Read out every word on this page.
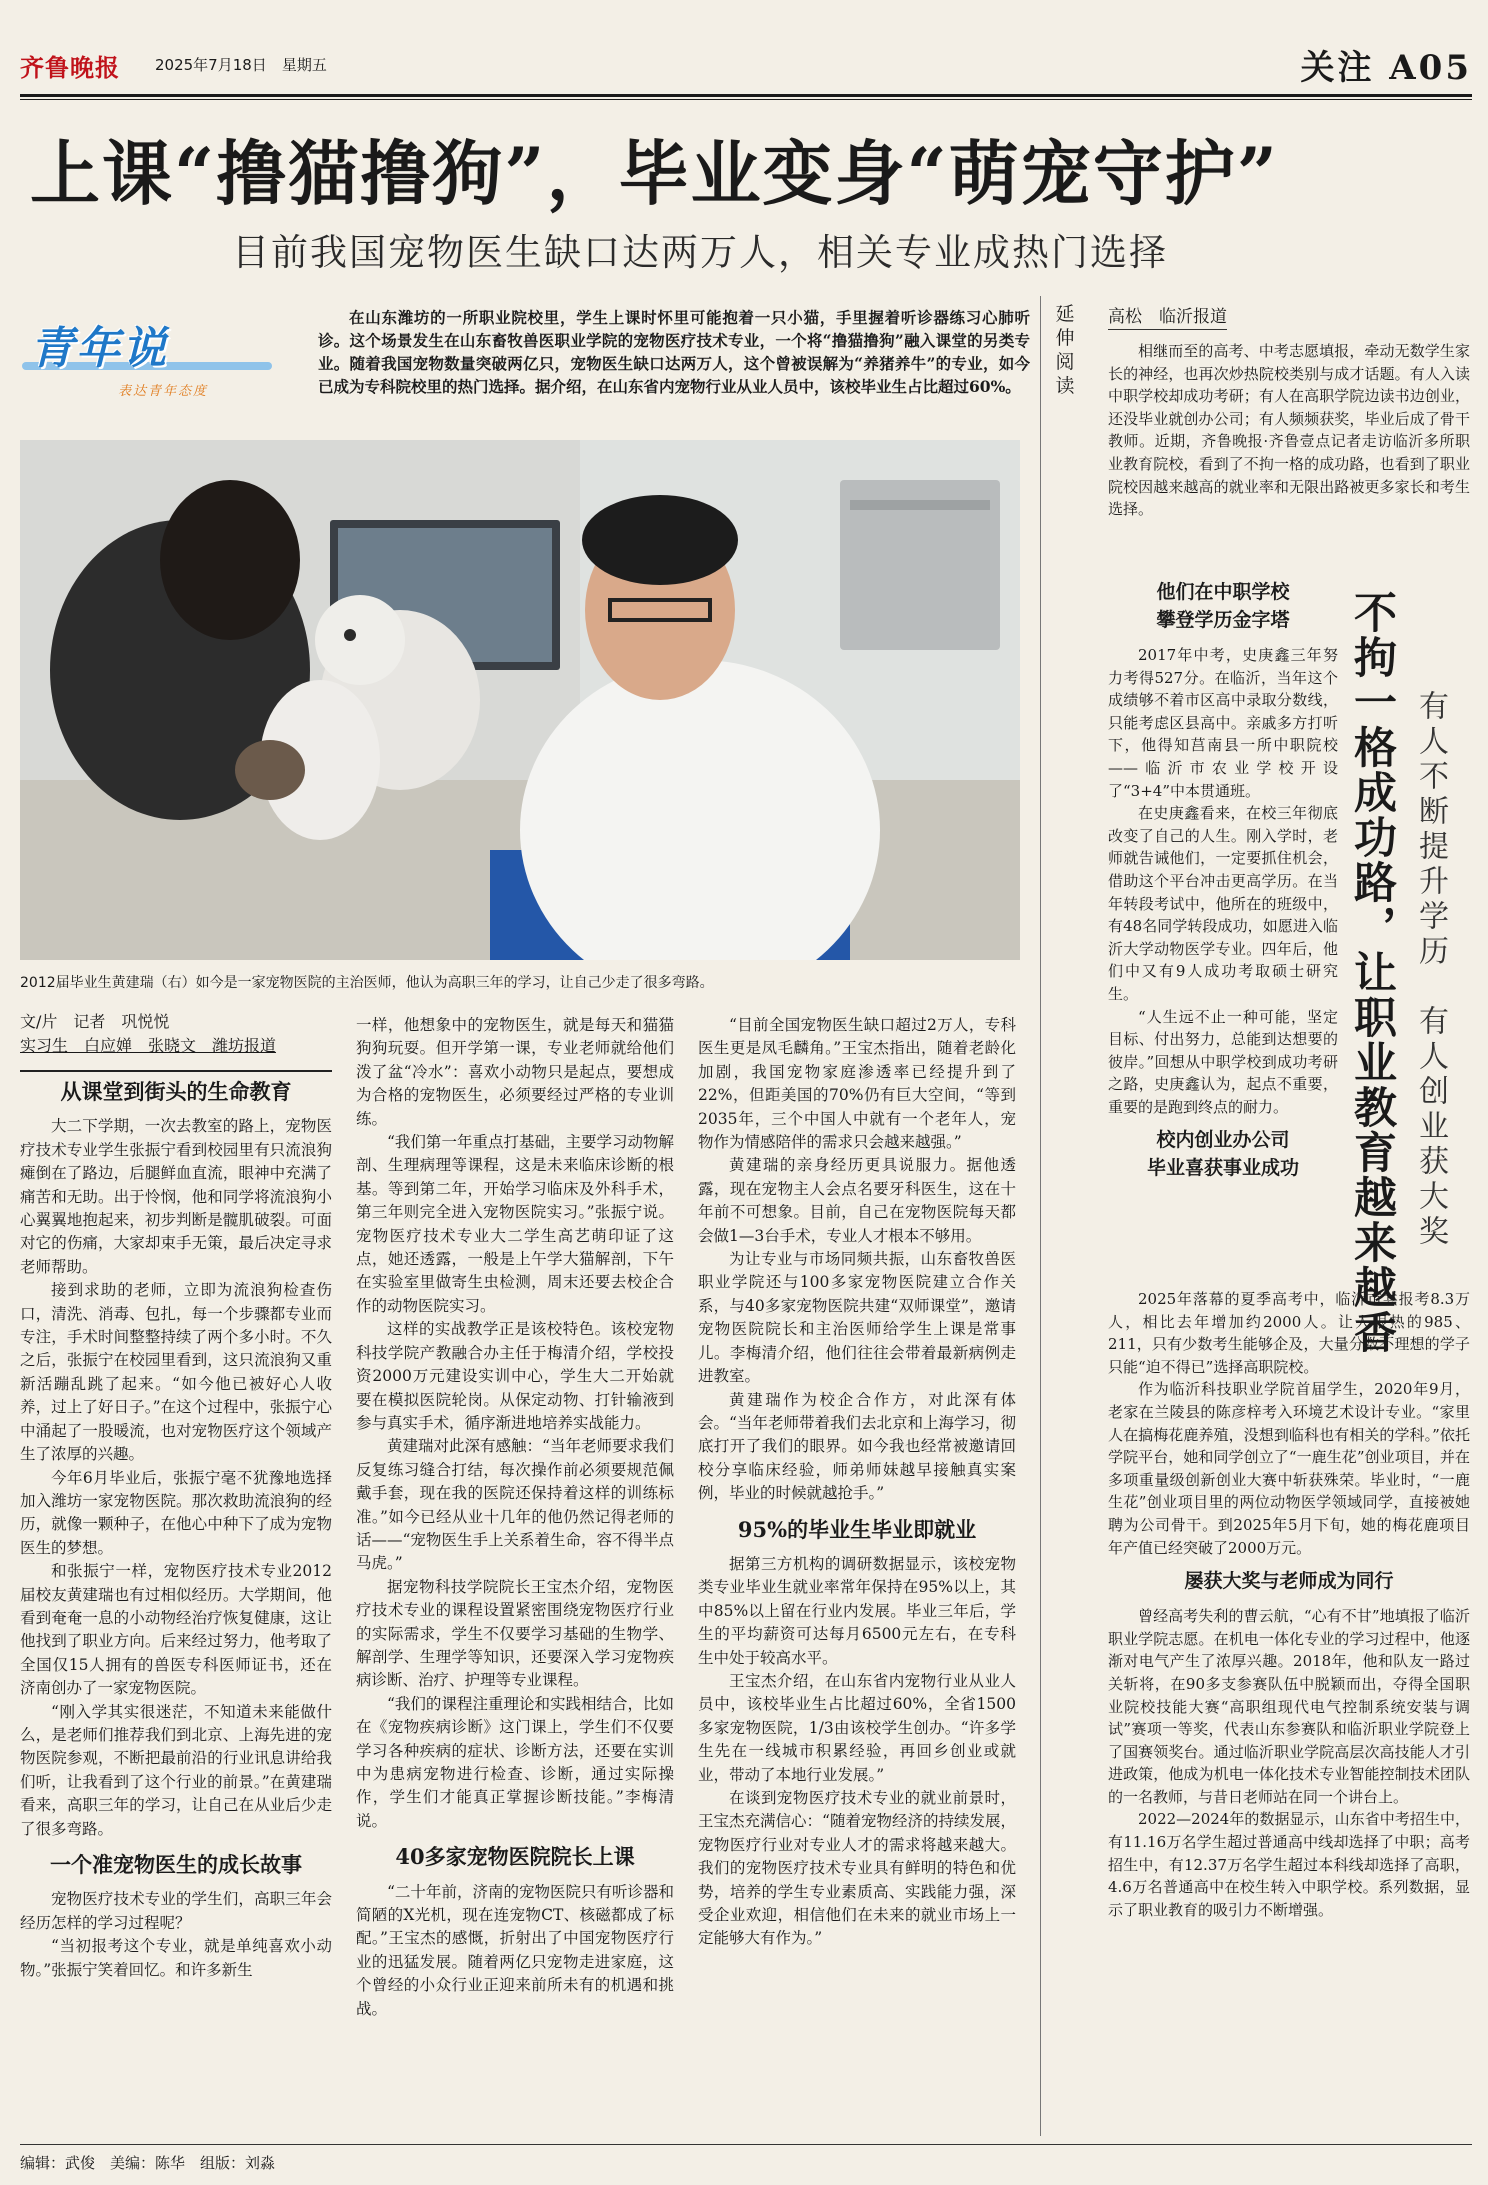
齐鲁晚报 2025年7月18日　 星期五	关注 A05
上课“撸猫撸狗”，毕业变身“萌宠守护”
目前我国宠物医生缺口达两万人，相关专业成热门选择
青年说
表达青年态度
在山东潍坊的一所职业院校里，学生上课时怀里可能抱着一只小猫，手里握着听诊器练习心肺听诊。这个场景发生在山东畜牧兽医职业学院的宠物医疗技术专业，一个将“撸猫撸狗”融入课堂的另类专业。随着我国宠物数量突破两亿只，宠物医生缺口达两万人，这个曾被误解为“养猪养牛”的专业，如今已成为专科院校里的热门选择。据介绍，在山东省内宠物行业从业人员中，该校毕业生占比超过60%。
2012届毕业生黄建瑞（右）如今是一家宠物医院的主治医师，他认为高职三年的学习，让自己少走了很多弯路。
文/片　记者　巩悦悦
实习生　白应婵　张晓文　潍坊报道
从课堂到街头的生命教育

大二下学期，一次去教室的路上，宠物医疗技术专业学生张振宁看到校园里有只流浪狗瘫倒在了路边，后腿鲜血直流，眼神中充满了痛苦和无助。出于怜悯，他和同学将流浪狗小心翼翼地抱起来，初步判断是髋肌破裂。可面对它的伤痛，大家却束手无策，最后决定寻求老师帮助。

接到求助的老师，立即为流浪狗检查伤口，清洗、消毒、包扎，每一个步骤都专业而专注，手术时间整整持续了两个多小时。不久之后，张振宁在校园里看到，这只流浪狗又重新活蹦乱跳了起来。“如今他已被好心人收养，过上了好日子。”在这个过程中，张振宁心中涌起了一股暖流，也对宠物医疗这个领域产生了浓厚的兴趣。

今年6月毕业后，张振宁毫不犹豫地选择加入潍坊一家宠物医院。那次救助流浪狗的经历，就像一颗种子，在他心中种下了成为宠物医生的梦想。

和张振宁一样，宠物医疗技术专业2012届校友黄建瑞也有过相似经历。大学期间，他看到奄奄一息的小动物经治疗恢复健康，这让他找到了职业方向。后来经过努力，他考取了全国仅15人拥有的兽医专科医师证书，还在济南创办了一家宠物医院。

“刚入学其实很迷茫，不知道未来能做什么，是老师们推荐我们到北京、上海先进的宠物医院参观，不断把最前沿的行业讯息讲给我们听，让我看到了这个行业的前景。”在黄建瑞看来，高职三年的学习，让自己在从业后少走了很多弯路。

一个准宠物医生的成长故事

宠物医疗技术专业的学生们，高职三年会经历怎样的学习过程呢？

“当初报考这个专业，就是单纯喜欢小动物。”张振宁笑着回忆。和许多新生

一样，他想象中的宠物医生，就是每天和猫猫狗狗玩耍。但开学第一课，专业老师就给他们泼了盆“冷水”：喜欢小动物只是起点，要想成为合格的宠物医生，必须要经过严格的专业训练。

“我们第一年重点打基础，主要学习动物解剖、生理病理等课程，这是未来临床诊断的根基。等到第二年，开始学习临床及外科手术，第三年则完全进入宠物医院实习。”张振宁说。宠物医疗技术专业大二学生高艺萌印证了这点，她还透露，一般是上午学大猫解剖，下午在实验室里做寄生虫检测，周末还要去校企合作的动物医院实习。

这样的实战教学正是该校特色。该校宠物科技学院产教融合办主任于梅清介绍，学校投资2000万元建设实训中心，学生大二开始就要在模拟医院轮岗。从保定动物、打针输液到参与真实手术，循序渐进地培养实战能力。

黄建瑞对此深有感触：“当年老师要求我们反复练习缝合打结，每次操作前必须要规范佩戴手套，现在我的医院还保持着这样的训练标准。”如今已经从业十几年的他仍然记得老师的话——“宠物医生手上关系着生命，容不得半点马虎。”

据宠物科技学院院长王宝杰介绍，宠物医疗技术专业的课程设置紧密围绕宠物医疗行业的实际需求，学生不仅要学习基础的生物学、解剖学、生理学等知识，还要深入学习宠物疾病诊断、治疗、护理等专业课程。

“我们的课程注重理论和实践相结合，比如在《宠物疾病诊断》这门课上，学生们不仅要学习各种疾病的症状、诊断方法，还要在实训中为患病宠物进行检查、诊断，通过实际操作，学生们才能真正掌握诊断技能。”李梅清说。

40多家宠物医院院长上课

“二十年前，济南的宠物医院只有听诊器和简陋的X光机，现在连宠物CT、核磁都成了标配。”王宝杰的感慨，折射出了中国宠物医疗行业的迅猛发展。随着两亿只宠物走进家庭，这个曾经的小众行业正迎来前所未有的机遇和挑战。

“目前全国宠物医生缺口超过2万人，专科医生更是凤毛麟角。”王宝杰指出，随着老龄化加剧，我国宠物家庭渗透率已经提升到了22%，但距美国的70%仍有巨大空间，“等到2035年，三个中国人中就有一个老年人，宠物作为情感陪伴的需求只会越来越强。”

黄建瑞的亲身经历更具说服力。据他透露，现在宠物主人会点名要牙科医生，这在十年前不可想象。目前，自己在宠物医院每天都会做1—3台手术，专业人才根本不够用。

为让专业与市场同频共振，山东畜牧兽医职业学院还与100多家宠物医院建立合作关系，与40多家宠物医院共建“双师课堂”，邀请宠物医院院长和主治医师给学生上课是常事儿。李梅清介绍，他们往往会带着最新病例走进教室。

黄建瑞作为校企合作方，对此深有体会。“当年老师带着我们去北京和上海学习，彻底打开了我们的眼界。如今我也经常被邀请回校分享临床经验，师弟师妹越早接触真实案例，毕业的时候就越抢手。”

95%的毕业生毕业即就业

据第三方机构的调研数据显示，该校宠物类专业毕业生就业率常年保持在95%以上，其中85%以上留在行业内发展。毕业三年后，学生的平均薪资可达每月6500元左右，在专科生中处于较高水平。

王宝杰介绍，在山东省内宠物行业从业人员中，该校毕业生占比超过60%，全省1500多家宠物医院，1/3由该校学生创办。“许多学生先在一线城市积累经验，再回乡创业或就业，带动了本地行业发展。”

在谈到宠物医疗技术专业的就业前景时，王宝杰充满信心：“随着宠物经济的持续发展，宠物医疗行业对专业人才的需求将越来越大。我们的宠物医疗技术专业具有鲜明的特色和优势，培养的学生专业素质高、实践能力强，深受企业欢迎，相信他们在未来的就业市场上一定能够大有作为。”

延伸阅读
高松　临沂报道

相继而至的高考、中考志愿填报，牵动无数学生家长的神经，也再次炒热院校类别与成才话题。有人入读中职学校却成功考研；有人在高职学院边读书边创业，还没毕业就创办公司；有人频频获奖，毕业后成了骨干教师。近期，齐鲁晚报·齐鲁壹点记者走访临沂多所职业教育院校，看到了不拘一格的成功路，也看到了职业院校因越来越高的就业率和无限出路被更多家长和考生选择。

不拘一格成功路，让职业教育越来越香 有人不断提升学历　有人创业获大奖
他们在中职学校
攀登学历金字塔

2017年中考，史庚鑫三年努力考得527分。在临沂，当年这个成绩够不着市区高中录取分数线，只能考虑区县高中。亲戚多方打听下，他得知莒南县一所中职院校——临沂市农业学校开设了“3+4”中本贯通班。

在史庚鑫看来，在校三年彻底改变了自己的人生。刚入学时，老师就告诫他们，一定要抓住机会，借助这个平台冲击更高学历。在当年转段考试中，他所在的班级中，有48名同学转段成功，如愿进入临沂大学动物医学专业。四年后，他们中又有9人成功考取硕士研究生。

“人生远不止一种可能，坚定目标、付出努力，总能到达想要的彼岸。”回想从中职学校到成功考研之路，史庚鑫认为，起点不重要，重要的是跑到终点的耐力。

校内创业办公司
毕业喜获事业成功

2025年落幕的夏季高考中，临沂市共报考8.3万人，相比去年增加约2000人。让人眼热的985、211，只有少数考生能够企及，大量分数不理想的学子只能“迫不得已”选择高职院校。

作为临沂科技职业学院首届学生，2020年9月，老家在兰陵县的陈彦梓考入环境艺术设计专业。“家里人在搞梅花鹿养殖，没想到临科也有相关的学科。”依托学院平台，她和同学创立了“一鹿生花”创业项目，并在多项重量级创新创业大赛中斩获殊荣。毕业时，“一鹿生花”创业项目里的两位动物医学领域同学，直接被她聘为公司骨干。到2025年5月下旬，她的梅花鹿项目年产值已经突破了2000万元。

屡获大奖与老师成为同行

曾经高考失利的曹云航，“心有不甘”地填报了临沂职业学院志愿。在机电一体化专业的学习过程中，他逐渐对电气产生了浓厚兴趣。2018年，他和队友一路过关斩将，在90多支参赛队伍中脱颖而出，夺得全国职业院校技能大赛“高职组现代电气控制系统安装与调试”赛项一等奖，代表山东参赛队和临沂职业学院登上了国赛领奖台。通过临沂职业学院高层次高技能人才引进政策，他成为机电一体化技术专业智能控制技术团队的一名教师，与昔日老师站在同一个讲台上。

2022—2024年的数据显示，山东省中考招生中，有11.16万名学生超过普通高中线却选择了中职；高考招生中，有12.37万名学生超过本科线却选择了高职，4.6万名普通高中在校生转入中职学校。系列数据，显示了职业教育的吸引力不断增强。

编辑：武俊　美编：陈华　组版：刘淼
